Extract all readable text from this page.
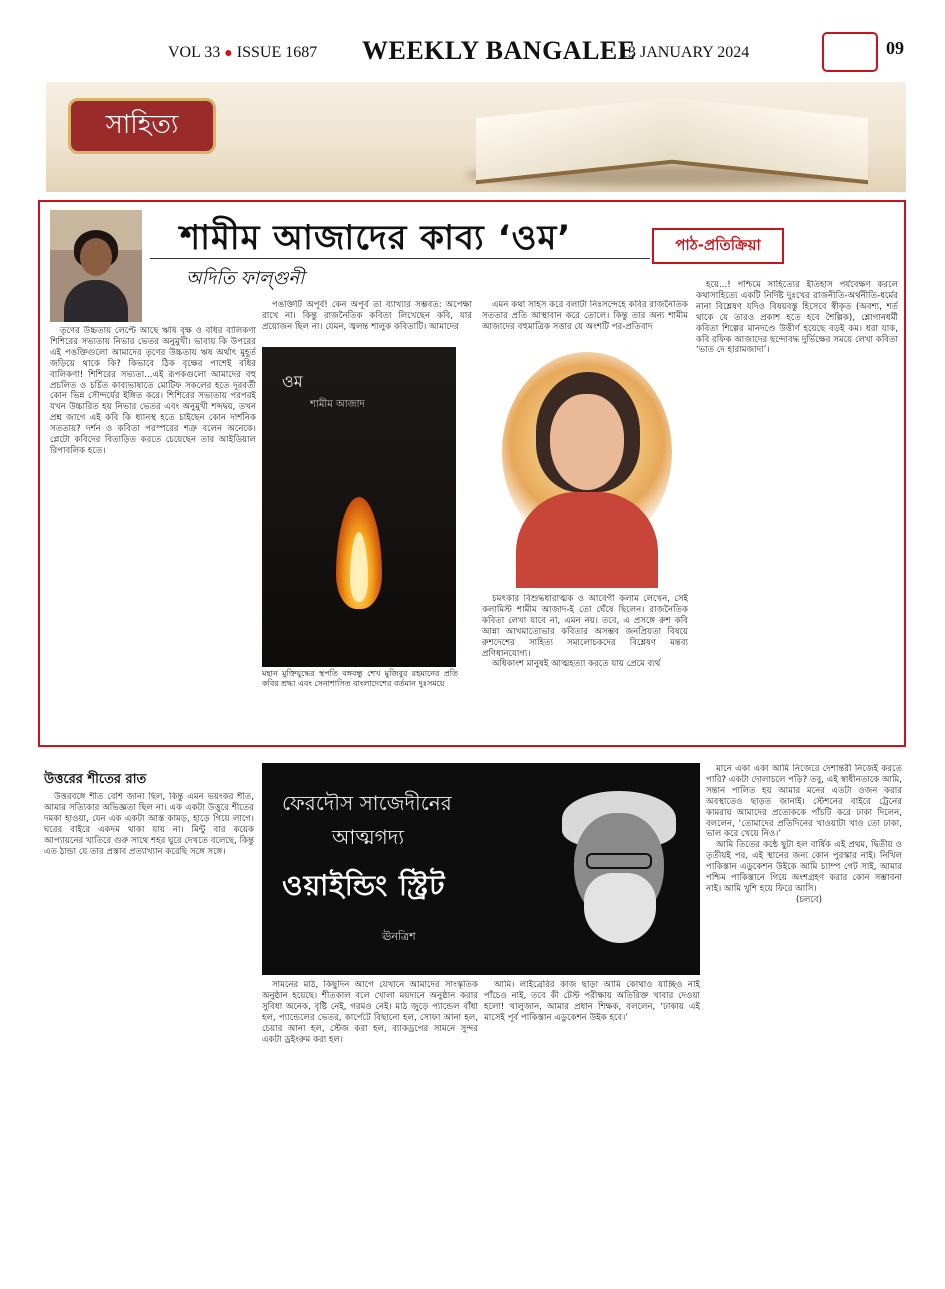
VOL 33 ● ISSUE 1687 WEEKLY BANGALEE
13 JANUARY 2024	09
সাহিত্য
শামীম আজাদের কাব্য ‘ওম’
অদিতি ফাল্গুনী
পাঠ-প্রতিক্রিয়া

তৃণের উচ্চতায় লেপ্টে আছে ঋষি বৃক্ষ ও বধির বালিকণা শিশিরের সভ্যতায় নিভার ভেতর অনুমুখী। ভাবায় কি উপরের এই পঙক্তিগুলো আমাদের তৃণের উচ্চতায় ঋষ অর্থাৎ মুহূর্ত জড়িয়ে থাকে কি? কিভাবে ঠিক বৃক্ষের পাশেই বধির বালিকণা! শিশিরের সভ্যতা...এই রূপকগুলো আমাদের বহু প্রচলিত ও চর্চিত কাব্যভাষাতে মোটিফ সকলের হতে দূরবর্তী কোন ভিন্ন সৌন্দর্যের ইঙ্গিত করে। শিশিরের সভ্যতায় পরপরই যখন উচ্চারিত হয় নিভার ভেতর এবং অনুমুখী শব্দদ্বয়, তখন প্রশ্ন জাগে এই কবি কি ধ্যানস্থ হতে চাইছেন কোন দার্শনিক সততায়? দর্শন ও কবিতা পরস্পরের শত্রু বলেন অনেকে। প্লেটো কবিদের বিতাড়িত করতে চেয়েছেন তার আইডিয়াল রিপাবলিক হতে।

পঙক্তিটি অপূর্ব! কেন অপূর্ব তা ব্যাখ্যার সম্ভবত: অপেক্ষা রাখে না। কিন্তু রাজনৈতিক কবিতা লিখেছেন কবি, যার প্রয়োজন ছিল না। যেমন, জ্বলন্ত শালুক কবিতাটি। আমাদের

ওম
শামীম আজাদ
মহান মুক্তিযুদ্ধের স্থপতি বঙ্গবন্ধু শেখ মুজিবুর রহমানের প্রতি কবির শ্রদ্ধা এবং সেনাশাসিত বাংলাদেশের বর্তমান দুঃসময়ে

এমন কথা সাহস করে বলাটা নিঃসন্দেহে কবির রাজনৈতিক সততার প্রতি আস্থাবান করে তোলে। কিন্তু তার অন্য শামীম আজাদের বহুমাত্রিক সত্তার যে অংশটি পর-প্রতিবাদ

চমৎকার বিশুদ্ধধারাত্মক ও আবেগী কলাম লেখেন, সেই কলামিস্ট শামীম আজাদ-ই তো ঘেঁষে ছিলেন। রাজনৈতিক কবিতা লেখা যাবে না, এমন নয়। তবে, এ প্রসঙ্গে রুশ কবি আন্না আখমাতোভার কবিতার অসম্ভব জনপ্রিয়তা বিষয়ে রুশদেশের সাহিত্য সমালোচকদের বিশ্লেষণ মন্তব্য প্রণিধানযোগ্য।

অধিকাংশ মানুষই আত্মহত্যা করতে যায় প্রেমে ব্যর্থ

হয়ে...! পশ্চিমে সাহিত্যের ইতিহাস পর্যবেক্ষণ করলে কথাসাহিত্যে একটি নির্দিষ্ট দুঃখের রাজনীতি-অর্থনীতি-ধর্মের নানা বিশ্লেষণ যদিও বিষয়বস্তু হিসেবে স্বীকৃত (অবশ্য, শর্ত থাকে যে তারও প্রকাশ হতে হবে শৈল্পিক), শ্লোগানধর্মী কবিতা শিল্পের মানদণ্ডে উত্তীর্ণ হয়েছে বড়ই কম। ধরা যাক, কবি রফিক আজাদের ছন্দোবদ্ধ দুর্ভিক্ষের সময়ে লেখা কবিতা ‘ভাত দে হারামজাদা’।

উত্তরের শীতের রাত

উত্তরবঙ্গে শীত বেশি জানা ছিল, কিন্তু এমন ভয়ংকর শীত, আমার সত্যিকার অভিজ্ঞতা ছিল না। এক একটা উত্তুরে শীতের দমকা হাওয়া, যেন এক একটা আস্ত কামড়, হাড়ে গিয়ে লাগে। ঘরের বাইরে একদম থাকা যায় না। মিন্টু বার কয়েক আপ্যায়নের খাতিরে গুরু সাথে শহর ঘুরে দেখতে বলেছে, কিন্তু এত ঠান্ডা যে তার প্রস্তাব প্রত্যাখ্যান করেছি সঙ্গে সঙ্গে।

ফেরদৌস সাজেদীনের
আত্মগদ্য
ওয়াইন্ডিং স্ট্রিট
ঊনত্রিশ

সামনের মাঠ, কিছুদিন আগে যেখানে আমাদের সাংস্কৃতিক অনুষ্ঠান হয়েছে। শীতকাল বলে খোলা ময়দানে অনুষ্ঠান করার সুবিধা অনেক, বৃষ্টি নেই, গরমও নেই। মাঠ জুড়ে প্যান্ডেল বাঁধা হল, প্যান্ডেলের ভেতর, কার্পেটে বিছানো হল, সোফা আনা হল, চেয়ার আনা হল, স্টেজ করা হল, ব্যাকড্রপের সামনে সুন্দর একটা ড্রইংরুম করা হল।

আমি। লাইব্রেরির কাজ ছাড়া আমি কোথাও যাচ্ছিও নাই পাঁচেও নাই, তবে কী টেস্ট পরীক্ষায় অতিরিক্ত খাবার দেওয়া হলো! খালুজান, আমার প্রধান শিক্ষক, বললেন, ‘ঢাকায় এই মাসেই পূর্ব পাকিস্তান এডুকেশন উইক হবে।’

মানে একা একা আমি নিজেরে দেশান্তরী নিজেই করতে পারি? একটা দোলাচলে পড়ি? তবু, এই স্বাধীনতাকে আমি, সন্তান পালিত হয় আমার মনের এতটা ওজন করার অবস্থাতেও ছাড়ত জানাই। স্টেশনের বাইরে ট্রেনের কামরায় আমাদের প্রত্যেককে পাঁচটি করে ঢাকা দিলেন, বললেন, ‘তোমাদের প্রতিদিনের খাওয়াটা খাও তো ঢাকা, ভাল করে খেয়ে নিও।’

আমি তিতের কন্ঠে ছুটা হল বার্ষিক এই প্রথম, দ্বিতীয় ও তৃতীয়ই পর, এই স্থানের জন্য কোন পুরস্কার নাই। নিখিল পাকিস্তান এডুকেশন উইকে আমি চ্যাম্প গেট সাই, আমার পশ্চিম পাকিস্তানে গিয়ে অংশগ্রহণ করার কোন সম্ভাবনা নাই। আমি খুশি হয়ে ফিরে আসি।

(চলবে)
